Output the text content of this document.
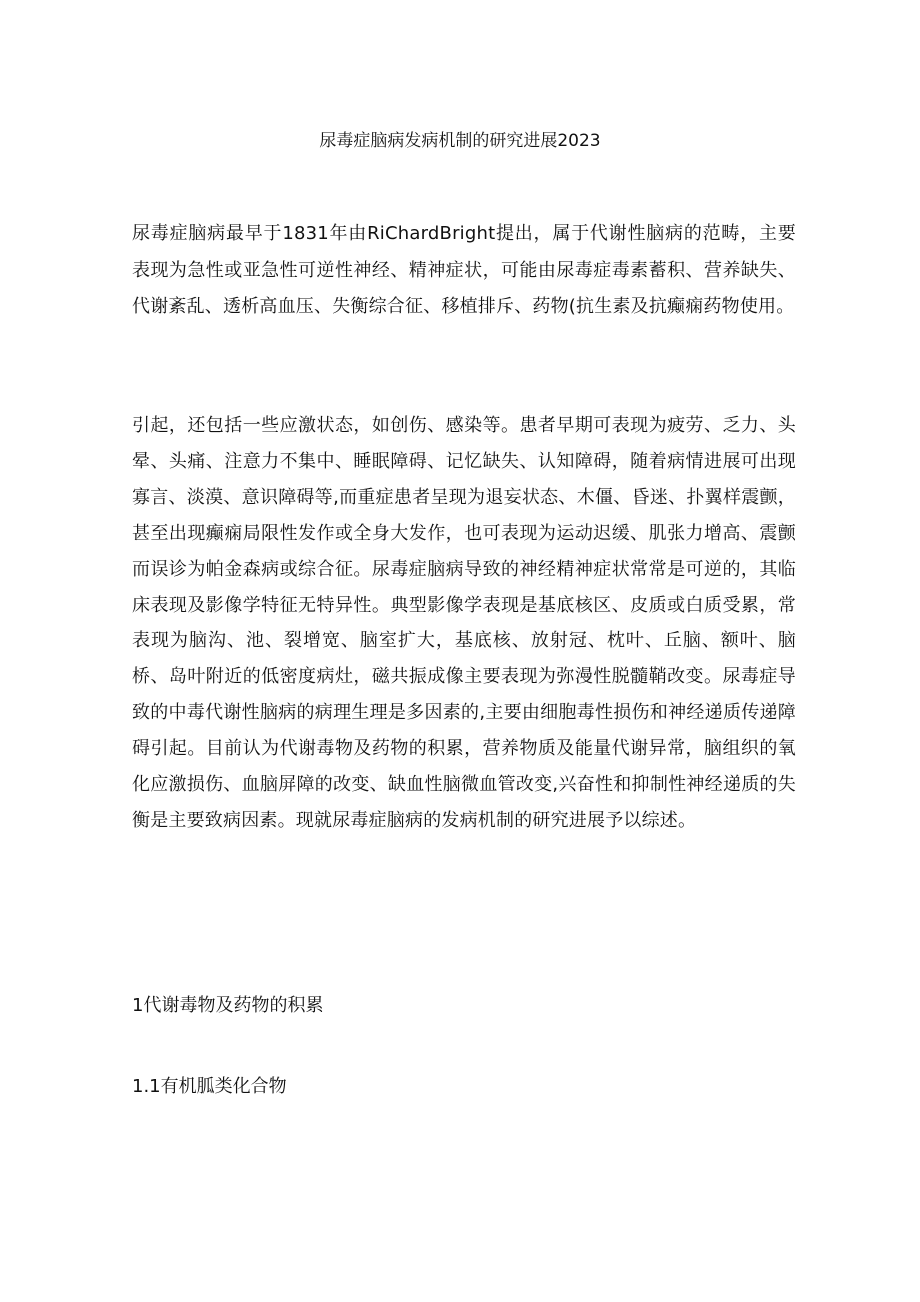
尿毒症脑病发病机制的研究进展2023

尿毒症脑病最早于1831年由RiChardBright提出，属于代谢性脑病的范畴，主要表现为急性或亚急性可逆性神经、精神症状，可能由尿毒症毒素蓄积、营养缺失、代谢紊乱、透析高血压、失衡综合征、移植排斥、药物(抗生素及抗癫痫药物使用。

引起，还包括一些应激状态，如创伤、感染等。患者早期可表现为疲劳、乏力、头晕、头痛、注意力不集中、睡眠障碍、记忆缺失、认知障碍，随着病情进展可出现寡言、淡漠、意识障碍等,而重症患者呈现为退妄状态、木僵、昏迷、扑翼样震颤，甚至出现癫痫局限性发作或全身大发作，也可表现为运动迟缓、肌张力增高、震颤而误诊为帕金森病或综合征。尿毒症脑病导致的神经精神症状常常是可逆的，其临床表现及影像学特征无特异性。典型影像学表现是基底核区、皮质或白质受累，常表现为脑沟、池、裂增宽、脑室扩大，基底核、放射冠、枕叶、丘脑、额叶、脑桥、岛叶附近的低密度病灶，磁共振成像主要表现为弥漫性脱髓鞘改变。尿毒症导致的中毒代谢性脑病的病理生理是多因素的,主要由细胞毒性损伤和神经递质传递障碍引起。目前认为代谢毒物及药物的积累，营养物质及能量代谢异常，脑组织的氧化应激损伤、血脑屏障的改变、缺血性脑微血管改变,兴奋性和抑制性神经递质的失衡是主要致病因素。现就尿毒症脑病的发病机制的研究进展予以综述。

1代谢毒物及药物的积累
1.1有机胍类化合物
